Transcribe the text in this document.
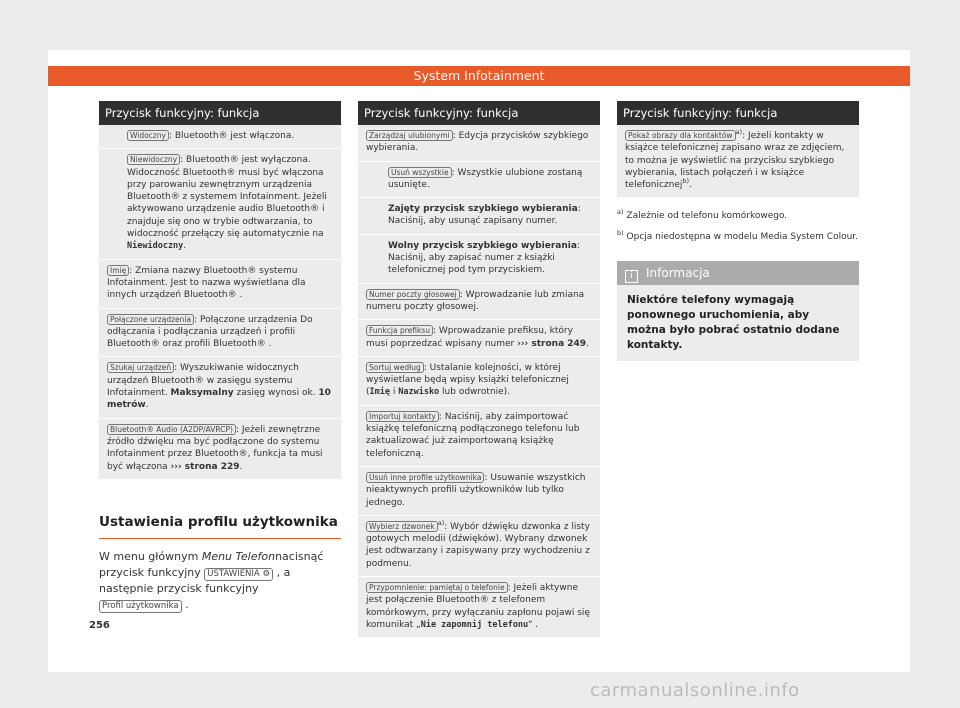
System Infotainment
Przycisk funkcyjny: funkcja
Widoczny : Bluetooth® jest włączona.
Niewidoczny : Bluetooth® jest wyłączona. Widoczność Bluetooth® musi być włączona przy parowaniu zewnętrznym urządzenia Bluetooth® z systemem Infotainment. Jeżeli aktywowano urządzenie audio Bluetooth® i znajduje się ono w trybie odtwarzania, to widoczność przełączy się automatycznie na Niewidoczny.
Imię : Zmiana nazwy Bluetooth® systemu Infotainment. Jest to nazwa wyświetlana dla innych urządzeń Bluetooth® .
Połączone urządzenia : Połączone urządzenia Do odłączania i podłączania urządzeń i profili Bluetooth® oraz profili Bluetooth® .
Szukaj urządzeń : Wyszukiwanie widocznych urządzeń Bluetooth® w zasięgu systemu Infotainment. Maksymalny zasięg wynosi ok. 10 metrów.
Bluetooth® Audio (A2DP/AVRCP) : Jeżeli zewnętrzne źródło dźwięku ma być podłączone do systemu Infotainment przez Bluetooth®, funkcja ta musi być włączona ››› strona 229.
Ustawienia profilu użytkownika
W menu głównym Menu Telefonnacisnąć przycisk funkcyjny USTAWIENIA ⚙ , a następnie przycisk funkcyjny Profil użytkownika .
Przycisk funkcyjny: funkcja
Zarządzaj ulubionymi : Edycja przycisków szybkiego wybierania.
Usuń wszystkie : Wszystkie ulubione zostaną usunięte.
Zajęty przycisk szybkiego wybierania: Naciśnij, aby usunąć zapisany numer.
Wolny przycisk szybkiego wybierania: Naciśnij, aby zapisać numer z książki telefonicznej pod tym przyciskiem.
Numer poczty głosowej : Wprowadzanie lub zmiana numeru poczty głosowej.
Funkcja prefiksu : Wprowadzanie prefiksu, który musi poprzedzać wpisany numer ››› strona 249.
Sortuj według : Ustalanie kolejności, w której wyświetlane będą wpisy książki telefonicznej (Imię i Nazwisko lub odwrotnie).
Importuj kontakty : Naciśnij, aby zaimportować książkę telefoniczną podłączonego telefonu lub zaktualizować już zaimportowaną książkę telefoniczną.
Usuń inne profile użytkownika : Usuwanie wszystkich nieaktywnych profili użytkowników lub tylko jednego.
Wybierz dzwonek $^{a)}$: Wybór dźwięku dzwonka z listy gotowych melodii (dźwięków). Wybrany dzwonek jest odtwarzany i zapisywany przy wychodzeniu z podmenu.
Przypomnienie: pamiętaj o telefonie : Jeżeli aktywne jest połączenie Bluetooth® z telefonem komórkowym, przy wyłączaniu zapłonu pojawi się komunikat „Nie zapomnij telefonu" .
Przycisk funkcyjny: funkcja
Pokaż obrazy dla kontaktów $^{a)}$: Jeżeli kontakty w książce telefonicznej zapisano wraz ze zdjęciem, to można je wyświetlić na przycisku szybkiego wybierania, listach połączeń i w książce telefonicznej$^{b)}$.
$^{a)}$ Zależnie od telefonu komórkowego.
$^{b)}$ Opcja niedostępna w modelu Media System Colour.
i Informacja
Niektóre telefony wymagają ponownego uruchomienia, aby można było pobrać ostatnio dodane kontakty.
256
carmanualsonline.info
